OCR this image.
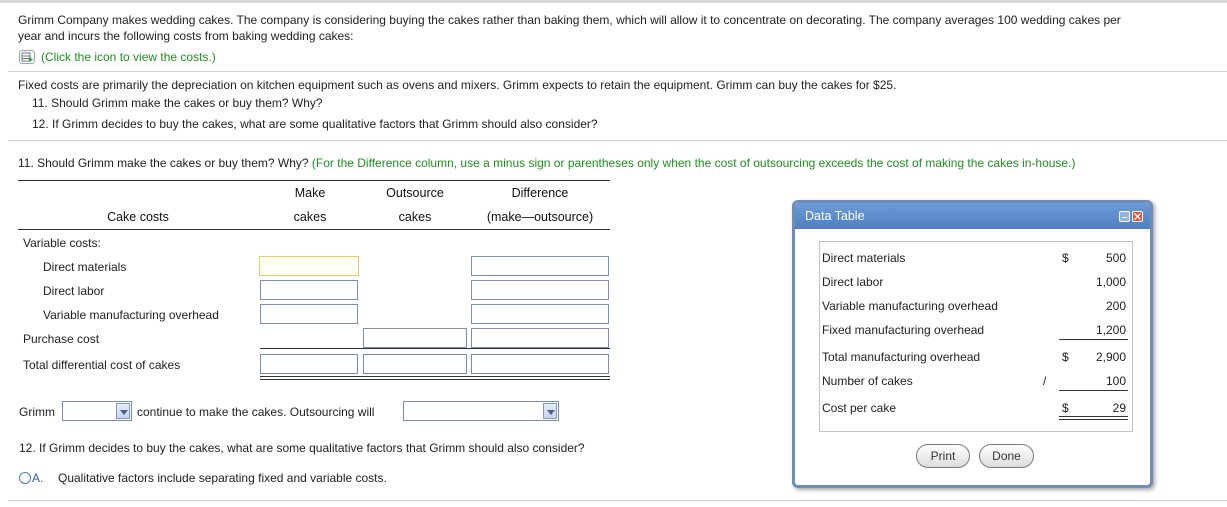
Grimm Company makes wedding cakes. The company is considering buying the cakes rather than baking them, which will allow it to concentrate on decorating. The company averages 100 wedding cakes per
year and incurs the following costs from baking wedding cakes:
(Click the icon to view the costs.)
Fixed costs are primarily the depreciation on kitchen equipment such as ovens and mixers. Grimm expects to retain the equipment. Grimm can buy the cakes for $25.
11. Should Grimm make the cakes or buy them? Why?
12. If Grimm decides to buy the cakes, what are some qualitative factors that Grimm should also consider?
11. Should Grimm make the cakes or buy them? Why? (For the Difference column, use a minus sign or parentheses only when the cost of outsourcing exceeds the cost of making the cakes in-house.)
Make	Outsource	Difference
Cake costs	cakes	cakes	(make—outsource)
Variable costs:
Direct materials
Direct labor
Variable manufacturing overhead
Purchase cost
Total differential cost of cakes
Grimm	continue to make the cakes. Outsourcing will
12. If Grimm decides to buy the cakes, what are some qualitative factors that Grimm should also consider?
A. Qualitative factors include separating fixed and variable costs.
Data Table
Direct materials	$	500
Direct labor	1,000
Variable manufacturing overhead	200
Fixed manufacturing overhead	1,200
Total manufacturing overhead	$	2,900
Number of cakes	/	100
Cost per cake	$	29
Print	Done
